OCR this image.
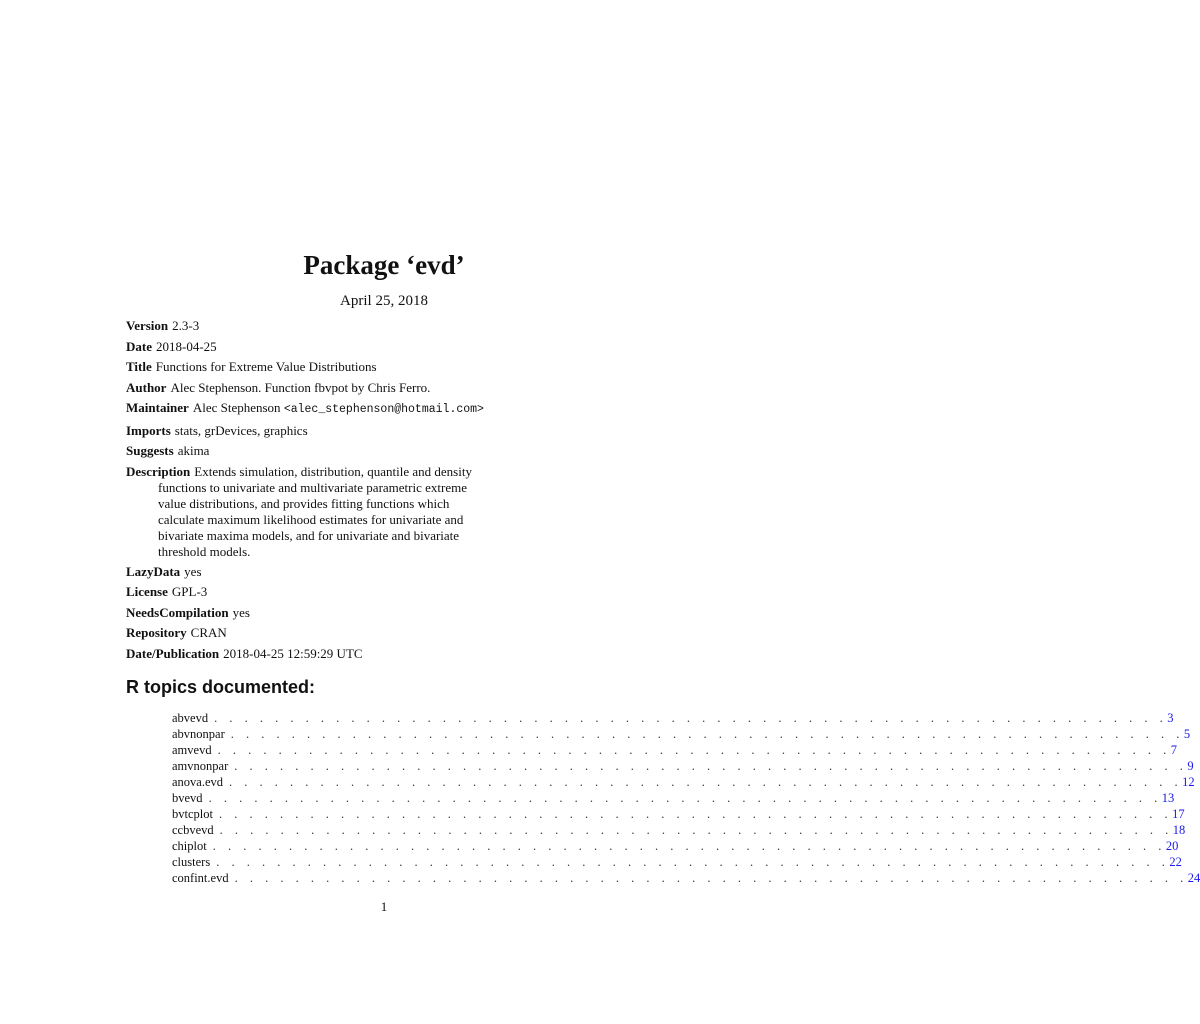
Package ‘evd’
April 25, 2018
Version 2.3-3
Date 2018-04-25
Title Functions for Extreme Value Distributions
Author Alec Stephenson. Function fbvpot by Chris Ferro.
Maintainer Alec Stephenson <alec_stephenson@hotmail.com>
Imports stats, grDevices, graphics
Suggests akima
Description Extends simulation, distribution, quantile and density
functions to univariate and multivariate parametric extreme
value distributions, and provides fitting functions which
calculate maximum likelihood estimates for univariate and
bivariate maxima models, and for univariate and bivariate
threshold models.
LazyData yes
License GPL-3
NeedsCompilation yes
Repository CRAN
Date/Publication 2018-04-25 12:59:29 UTC
R topics documented:
abvevd . . . . . . . . . . . . . . . . . . . . . . . . . . . . . . . . . . . . . . . . . . . . . . . . . . . . . . . . . . . . . . . 3
abvnonpar . . . . . . . . . . . . . . . . . . . . . . . . . . . . . . . . . . . . . . . . . . . . . . . . . . . . . . . . . . . . . . . 5
amvevd . . . . . . . . . . . . . . . . . . . . . . . . . . . . . . . . . . . . . . . . . . . . . . . . . . . . . . . . . . . . . . . 7
amvnonpar . . . . . . . . . . . . . . . . . . . . . . . . . . . . . . . . . . . . . . . . . . . . . . . . . . . . . . . . . . . . . . . 9
anova.evd . . . . . . . . . . . . . . . . . . . . . . . . . . . . . . . . . . . . . . . . . . . . . . . . . . . . . . . . . . . . . . . 12
bvevd . . . . . . . . . . . . . . . . . . . . . . . . . . . . . . . . . . . . . . . . . . . . . . . . . . . . . . . . . . . . . . . 13
bvtcplot . . . . . . . . . . . . . . . . . . . . . . . . . . . . . . . . . . . . . . . . . . . . . . . . . . . . . . . . . . . . . . . 17
ccbvevd . . . . . . . . . . . . . . . . . . . . . . . . . . . . . . . . . . . . . . . . . . . . . . . . . . . . . . . . . . . . . . . 18
chiplot . . . . . . . . . . . . . . . . . . . . . . . . . . . . . . . . . . . . . . . . . . . . . . . . . . . . . . . . . . . . . . . 20
clusters . . . . . . . . . . . . . . . . . . . . . . . . . . . . . . . . . . . . . . . . . . . . . . . . . . . . . . . . . . . . . . . 22
confint.evd . . . . . . . . . . . . . . . . . . . . . . . . . . . . . . . . . . . . . . . . . . . . . . . . . . . . . . . . . . . . . . . 24
1
